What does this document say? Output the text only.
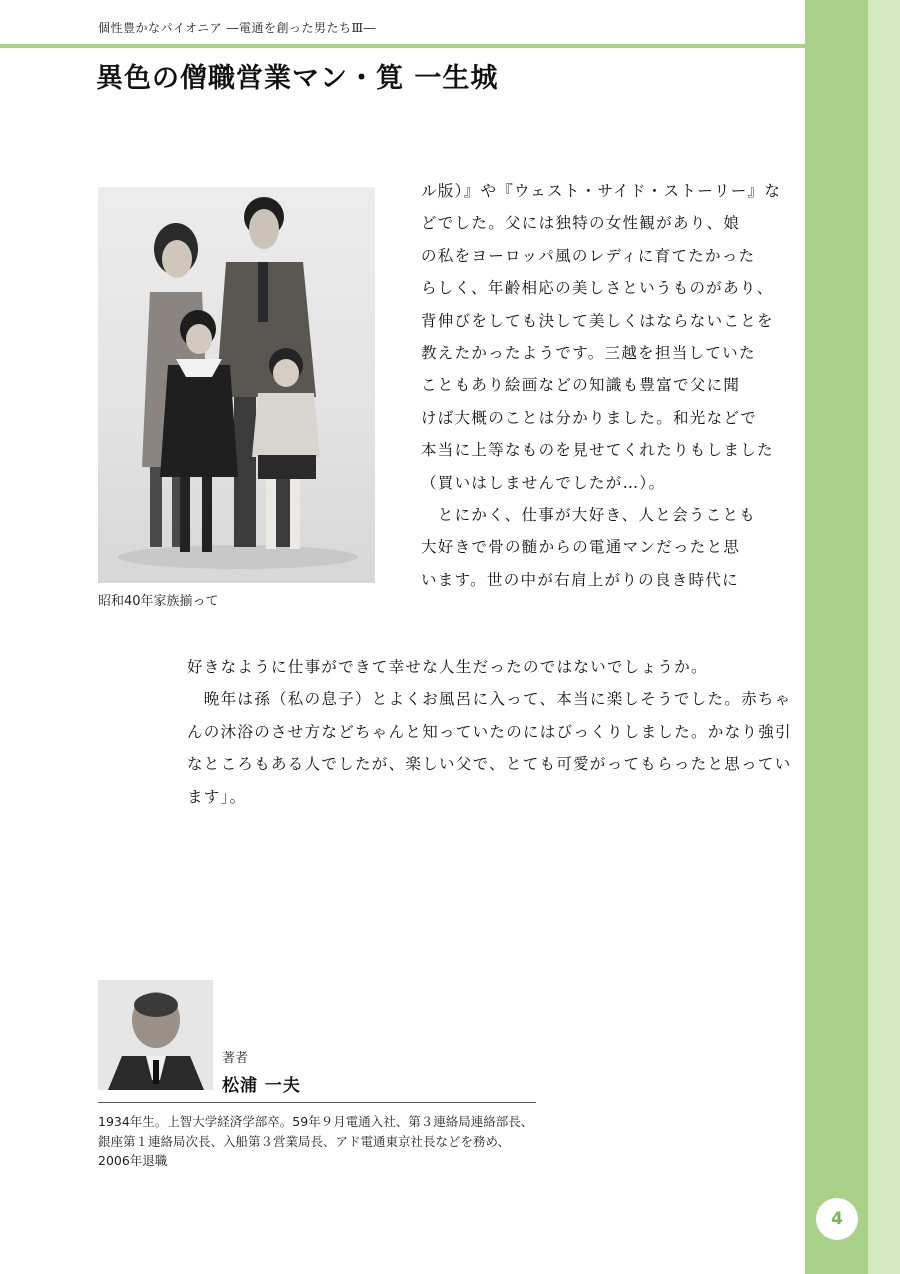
個性豊かなパイオニア ―電通を創った男たちⅢ―
異色の僧職営業マン・筧 一生城
昭和40年家族揃って
ル版）』や『ウェスト・サイド・ストーリー』な
どでした。父には独特の女性観があり、娘
の私をヨーロッパ風のレディに育てたかった
らしく、年齢相応の美しさというものがあり、
背伸びをしても決して美しくはならないことを
教えたかったようです。三越を担当していた
こともあり絵画などの知識も豊富で父に聞
けば大概のことは分かりました。和光などで
本当に上等なものを見せてくれたりもしました
（買いはしませんでしたが…）。
　とにかく、仕事が大好き、人と会うことも
大好きで骨の髄からの電通マンだったと思
います。世の中が右肩上がりの良き時代に
好きなように仕事ができて幸せな人生だったのではないでしょうか。
　晩年は孫（私の息子）とよくお風呂に入って、本当に楽しそうでした。赤ちゃ
んの沐浴のさせ方などちゃんと知っていたのにはびっくりしました。かなり強引
なところもある人でしたが、楽しい父で、とても可愛がってもらったと思ってい
ます」。
著者
松浦 一夫
1934年生。上智大学経済学部卒。59年９月電通入社、第３連絡局連絡部長、
銀座第１連絡局次長、入船第３営業局長、アド電通東京社長などを務め、
2006年退職
4
